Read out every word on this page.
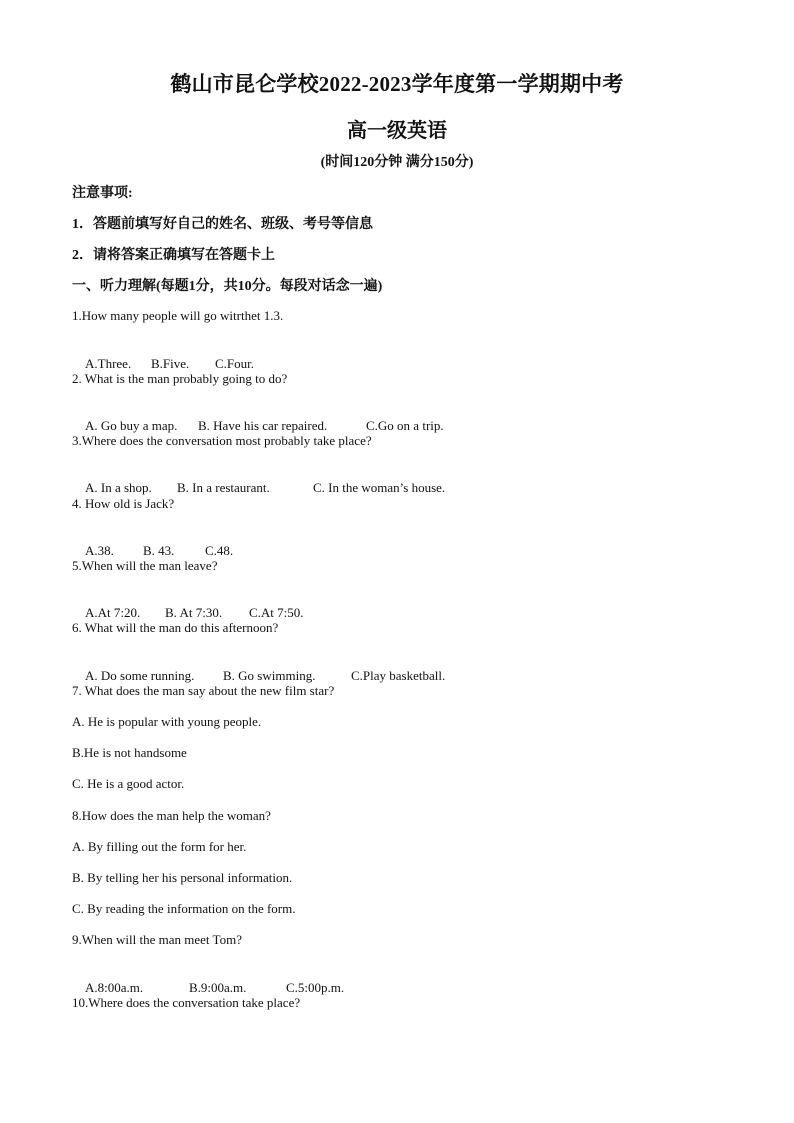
鹤山市昆仑学校2022-2023学年度第一学期期中考
高一级英语
(时间120分钟 满分150分)
注意事项:
1．答题前填写好自己的姓名、班级、考号等信息
2．请将答案正确填写在答题卡上
一、听力理解(每题1分，共10分。每段对话念一遍)
1.How many people will go witrthet 1.3.

A.Three. B.Five. C.Four.

2. What is the man probably going to do?

A. Go buy a map. B. Have his car repaired.	C.Go on a trip.

3.Where does the conversation most probably take place?

A. In a shop. B. In a restaurant.	C. In the woman’s house.

4. How old is Jack?

A.38. B. 43. C.48.

5.When will the man leave?

A.At 7:20. B. At 7:30. C.At 7:50.

6. What will the man do this afternoon?

A. Do some running. B. Go swimming.	C.Play basketball.

7. What does the man say about the new film star?
A. He is popular with young people.
B.He is not handsome
C. He is a good actor.
8.How does the man help the woman?
A. By filling out the form for her.
B. By telling her his personal information.
C. By reading the information on the form.
9.When will the man meet Tom?

A.8:00a.m.	B.9:00a.m.	C.5:00p.m.

10.Where does the conversation take place?
